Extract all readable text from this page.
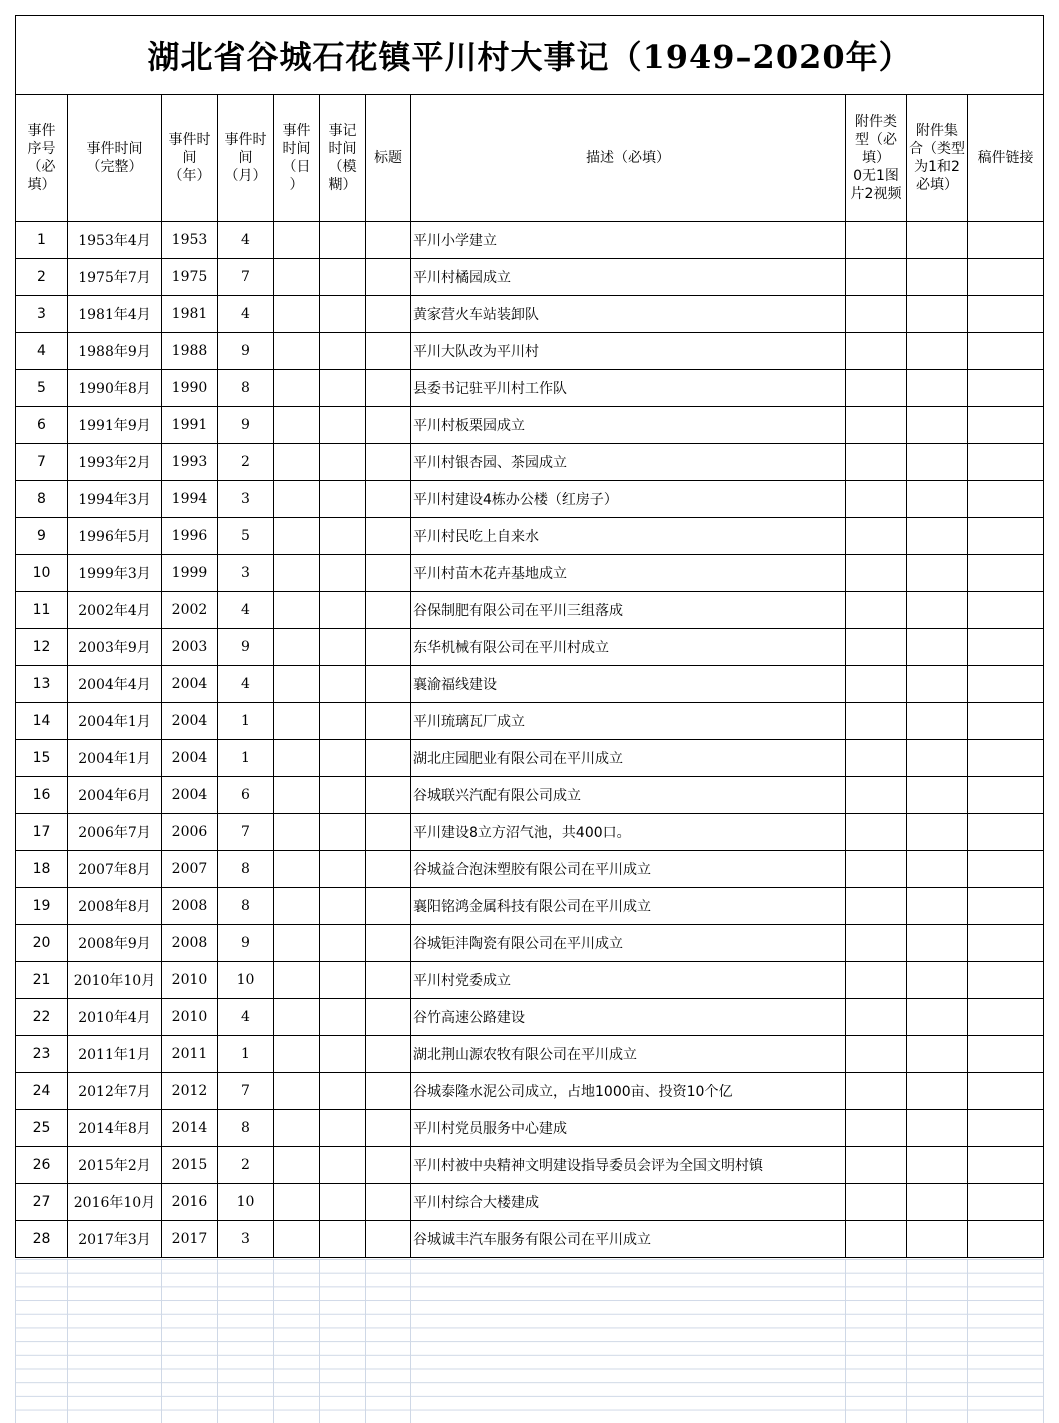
湖北省谷城石花镇平川村大事记（1949–2020年）										
事件
序号
（必
填）	事件时间
（完整）	事件时
间
（年）	事件时
间
（月）	事件
时间
（日
）	事记
时间
（模
糊）	标题	描述（必填）	附件类
型（必
填）
0无1图
片2视频	附件集
合（类型
为1和2
必填）	稿件链接
1	1953年4月	1953	4				平川小学建立			
2	1975年7月	1975	7				平川村橘园成立			
3	1981年4月	1981	4				黄家营火车站装卸队			
4	1988年9月	1988	9				平川大队改为平川村			
5	1990年8月	1990	8				县委书记驻平川村工作队			
6	1991年9月	1991	9				平川村板栗园成立			
7	1993年2月	1993	2				平川村银杏园、茶园成立			
8	1994年3月	1994	3				平川村建设4栋办公楼（红房子）			
9	1996年5月	1996	5				平川村民吃上自来水			
10	1999年3月	1999	3				平川村苗木花卉基地成立			
11	2002年4月	2002	4				谷保制肥有限公司在平川三组落成			
12	2003年9月	2003	9				东华机械有限公司在平川村成立			
13	2004年4月	2004	4				襄渝福线建设			
14	2004年1月	2004	1				平川琉璃瓦厂成立			
15	2004年1月	2004	1				湖北庄园肥业有限公司在平川成立			
16	2004年6月	2004	6				谷城联兴汽配有限公司成立			
17	2006年7月	2006	7				平川建设8立方沼气池，共400口。			
18	2007年8月	2007	8				谷城益合泡沫塑胶有限公司在平川成立			
19	2008年8月	2008	8				襄阳铭鸿金属科技有限公司在平川成立			
20	2008年9月	2008	9				谷城钜沣陶瓷有限公司在平川成立			
21	2010年10月	2010	10				平川村党委成立			
22	2010年4月	2010	4				谷竹高速公路建设			
23	2011年1月	2011	1				湖北荆山源农牧有限公司在平川成立			
24	2012年7月	2012	7				谷城泰隆水泥公司成立，占地1000亩、投资10个亿			
25	2014年8月	2014	8				平川村党员服务中心建成			
26	2015年2月	2015	2				平川村被中央精神文明建设指导委员会评为全国文明村镇			
27	2016年10月	2016	10				平川村综合大楼建成			
28	2017年3月	2017	3				谷城诚丰汽车服务有限公司在平川成立			
